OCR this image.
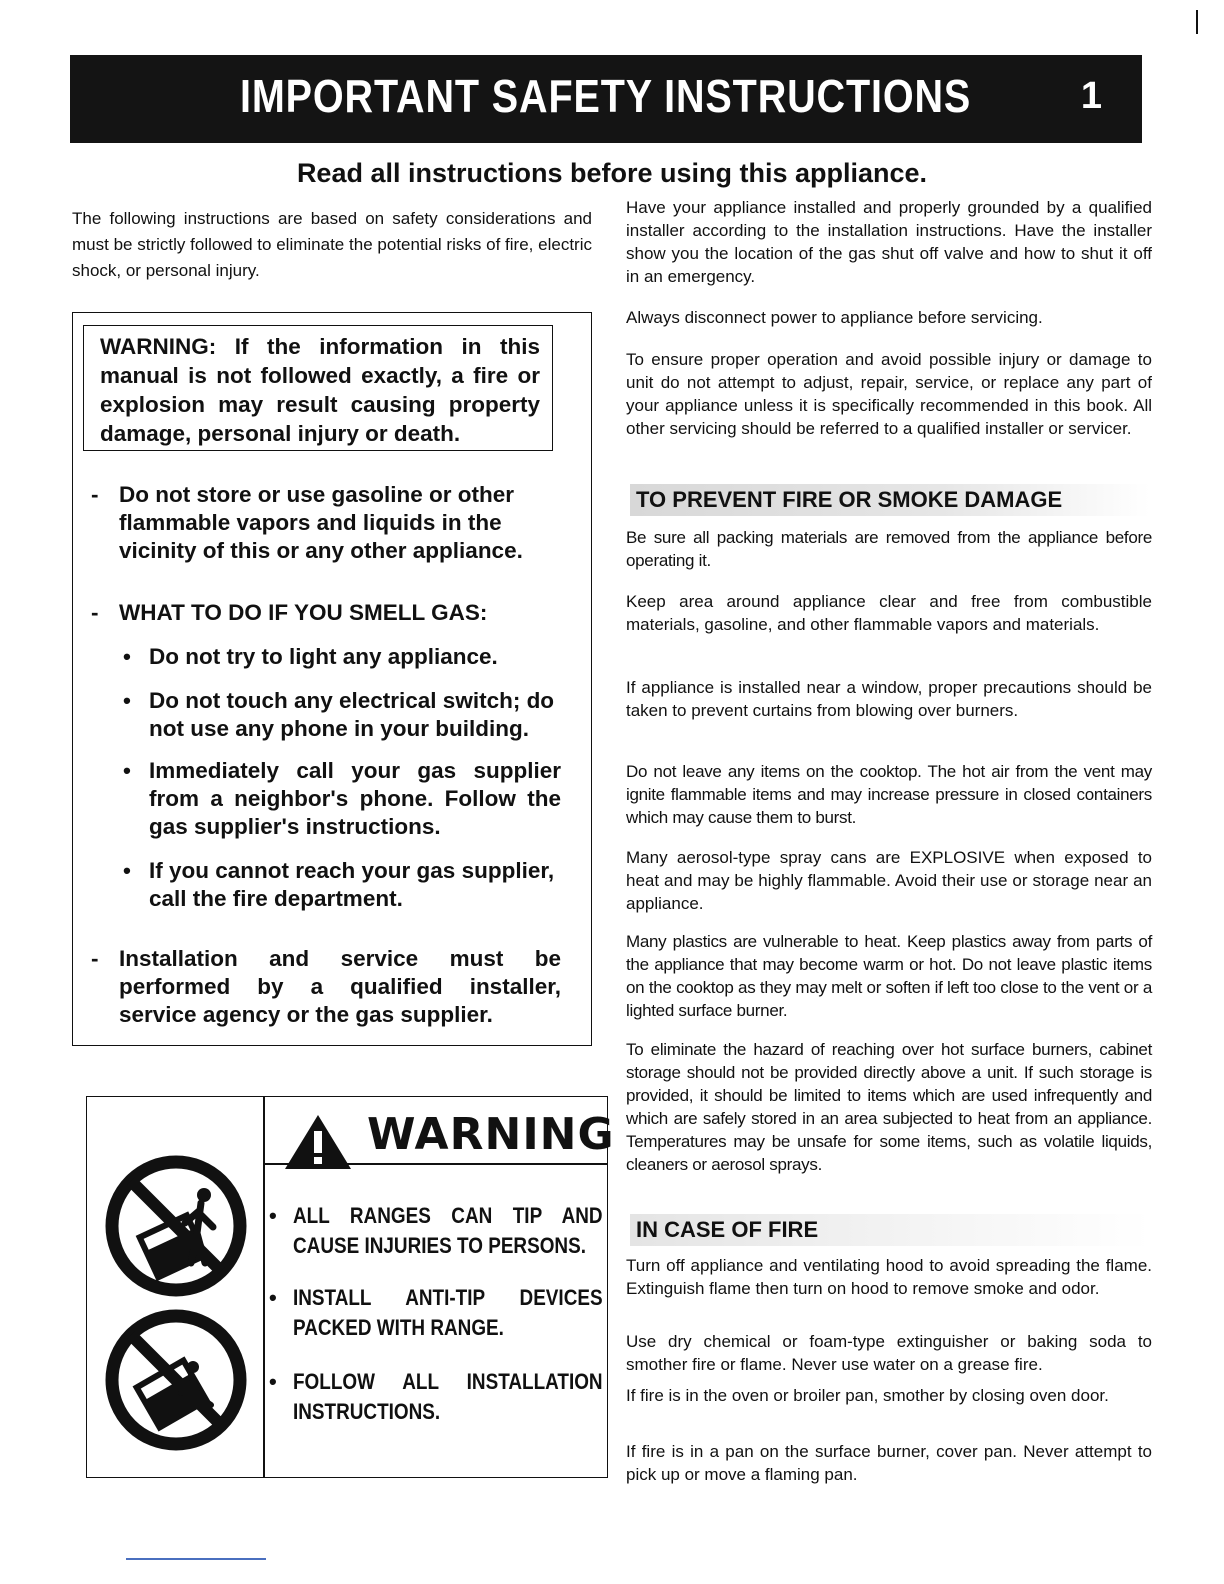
IMPORTANT SAFETY INSTRUCTIONS	1
Read all instructions before using this appliance.
The following instructions are based on safety considerations and must be strictly followed to eliminate the potential risks of fire, electric shock, or personal injury.
WARNING: If the information in this manual is not followed exactly, a fire or explosion may result causing property damage, personal injury or death.
- Do not store or use gasoline or other flammable vapors and liquids in the vicinity of this or any other appliance.
- WHAT TO DO IF YOU SMELL GAS:
• Do not try to light any appliance.
• Do not touch any electrical switch; do not use any phone in your building.
• Immediately call your gas supplier from a neighbor's phone. Follow the gas supplier's instructions.
• If you cannot reach your gas supplier, call the fire department.
- Installation and service must be performed by a qualified installer, service agency or the gas supplier.
WARNING
• ALL RANGES CAN TIP AND CAUSE INJURIES TO PERSONS.
• INSTALL ANTI-TIP DEVICES PACKED WITH RANGE.
• FOLLOW ALL INSTALLATION INSTRUCTIONS.
Have your appliance installed and properly grounded by a qualified installer according to the installation instructions. Have the installer show you the location of the gas shut off valve and how to shut it off in an emergency.
Always disconnect power to appliance before servicing.
To ensure proper operation and avoid possible injury or damage to unit do not attempt to adjust, repair, service, or replace any part of your appliance unless it is specifically recommended in this book. All other servicing should be referred to a qualified installer or servicer.
TO PREVENT FIRE OR SMOKE DAMAGE
Be sure all packing materials are removed from the appliance before operating it.
Keep area around appliance clear and free from combustible materials, gasoline, and other flammable vapors and materials.
If appliance is installed near a window, proper precautions should be taken to prevent curtains from blowing over burners.
Do not leave any items on the cooktop. The hot air from the vent may ignite flammable items and may increase pressure in closed containers which may cause them to burst.
Many aerosol-type spray cans are EXPLOSIVE when exposed to heat and may be highly flammable. Avoid their use or storage near an appliance.
Many plastics are vulnerable to heat. Keep plastics away from parts of the appliance that may become warm or hot. Do not leave plastic items on the cooktop as they may melt or soften if left too close to the vent or a lighted surface burner.
To eliminate the hazard of reaching over hot surface burners, cabinet storage should not be provided directly above a unit. If such storage is provided, it should be limited to items which are used infrequently and which are safely stored in an area subjected to heat from an appliance. Temperatures may be unsafe for some items, such as volatile liquids, cleaners or aerosol sprays.
IN CASE OF FIRE
Turn off appliance and ventilating hood to avoid spreading the flame. Extinguish flame then turn on hood to remove smoke and odor.
Use dry chemical or foam-type extinguisher or baking soda to smother fire or flame. Never use water on a grease fire.
If fire is in the oven or broiler pan, smother by closing oven door.
If fire is in a pan on the surface burner, cover pan. Never attempt to pick up or move a flaming pan.
